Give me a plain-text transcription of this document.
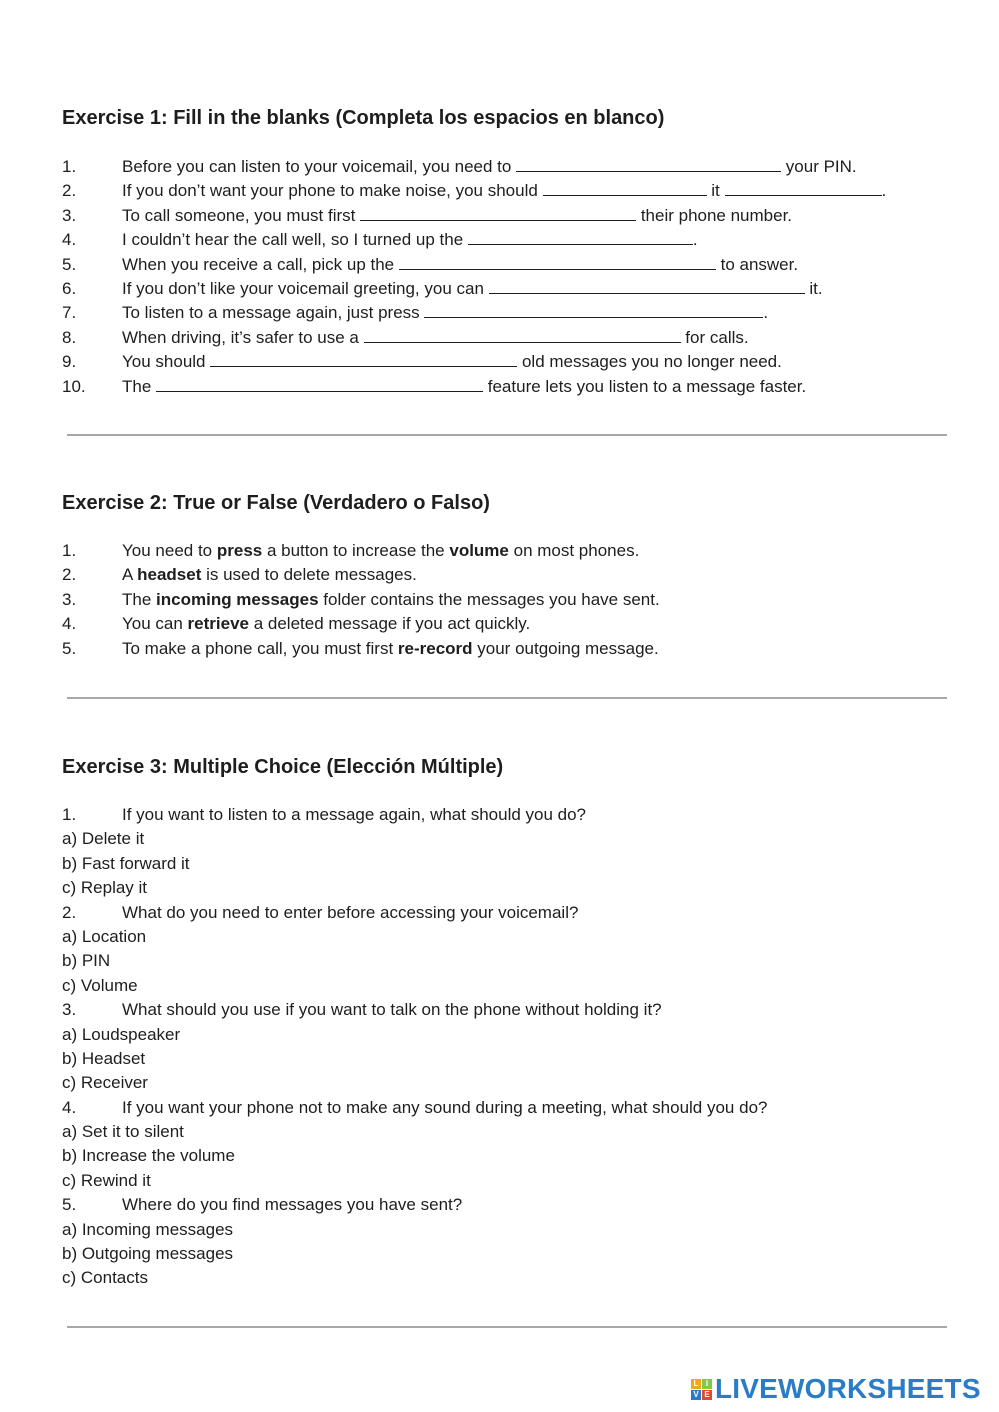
Exercise 1: Fill in the blanks (Completa los espacios en blanco)
1.	Before you can listen to your voicemail, you need to	your PIN.
2.	If you don’t want your phone to make noise, you should	it	.
3.	To call someone, you must first	their phone number.
4.	I couldn’t hear the call well, so I turned up the	.
5.	When you receive a call, pick up the	to answer.
6.	If you don’t like your voicemail greeting, you can	it.
7.	To listen to a message again, just press	.
8.	When driving, it’s safer to use a	for calls.
9.	You should	old messages you no longer need.
10. The	feature lets you listen to a message faster.
Exercise 2: True or False (Verdadero o Falso)
1.	You need to press a button to increase the volume on most phones.
2.	A headset is used to delete messages.
3.	The incoming messages folder contains the messages you have sent.
4.	You can retrieve a deleted message if you act quickly.
5.	To make a phone call, you must first re-record your outgoing message.
Exercise 3: Multiple Choice (Elección Múltiple)
1.	If you want to listen to a message again, what should you do?
a) Delete it
b) Fast forward it
c) Replay it
2.	What do you need to enter before accessing your voicemail?
a) Location
b) PIN
c) Volume
3.	What should you use if you want to talk on the phone without holding it?
a) Loudspeaker
b) Headset
c) Receiver
4.	If you want your phone not to make any sound during a meeting, what should you do?
a) Set it to silent
b) Increase the volume
c) Rewind it
5.	Where do you find messages you have sent?
a) Incoming messages
b) Outgoing messages
c) Contacts
L I
V E LIVEWORKSHEETS
